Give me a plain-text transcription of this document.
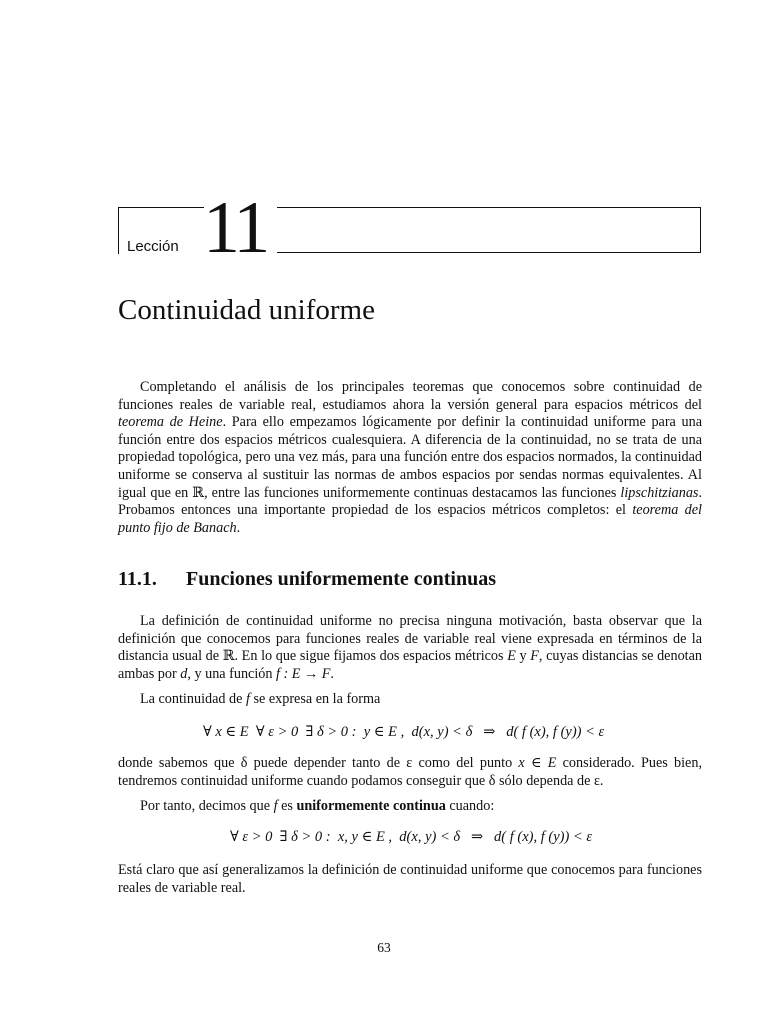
Lección 11
Continuidad uniforme

Completando el análisis de los principales teoremas que conocemos sobre continuidad de funciones reales de variable real, estudiamos ahora la versión general para espacios métricos del teorema de Heine. Para ello empezamos lógicamente por definir la continuidad uniforme para una función entre dos espacios métricos cualesquiera. A diferencia de la continuidad, no se trata de una propiedad topológica, pero una vez más, para una función entre dos espacios normados, la continuidad uniforme se conserva al sustituir las normas de ambos espacios por sendas normas equivalentes. Al igual que en ℝ, entre las funciones uniformemente continuas destacamos las funciones lipschitzianas. Probamos entonces una importante propiedad de los espacios métricos completos: el teorema del punto fijo de Banach.

11.1. Funciones uniformemente continuas

La definición de continuidad uniforme no precisa ninguna motivación, basta observar que la definición que conocemos para funciones reales de variable real viene expresada en términos de la distancia usual de ℝ. En lo que sigue fijamos dos espacios métricos E y F, cuyas distancias se denotan ambas por d, y una función f : E → F.

La continuidad de f se expresa en la forma

∀ x ∈ E  ∀ ε > 0  ∃ δ > 0 :  y ∈ E ,  d(x, y) < δ   ⇒   d( f (x), f (y)) < ε

donde sabemos que δ puede depender tanto de ε como del punto x ∈ E considerado. Pues bien, tendremos continuidad uniforme cuando podamos conseguir que δ sólo dependa de ε.

Por tanto, decimos que f es uniformemente continua cuando:

∀ ε > 0  ∃ δ > 0 :  x, y ∈ E ,  d(x, y) < δ   ⇒   d( f (x), f (y)) < ε

Está claro que así generalizamos la definición de continuidad uniforme que conocemos para funciones reales de variable real.

63
